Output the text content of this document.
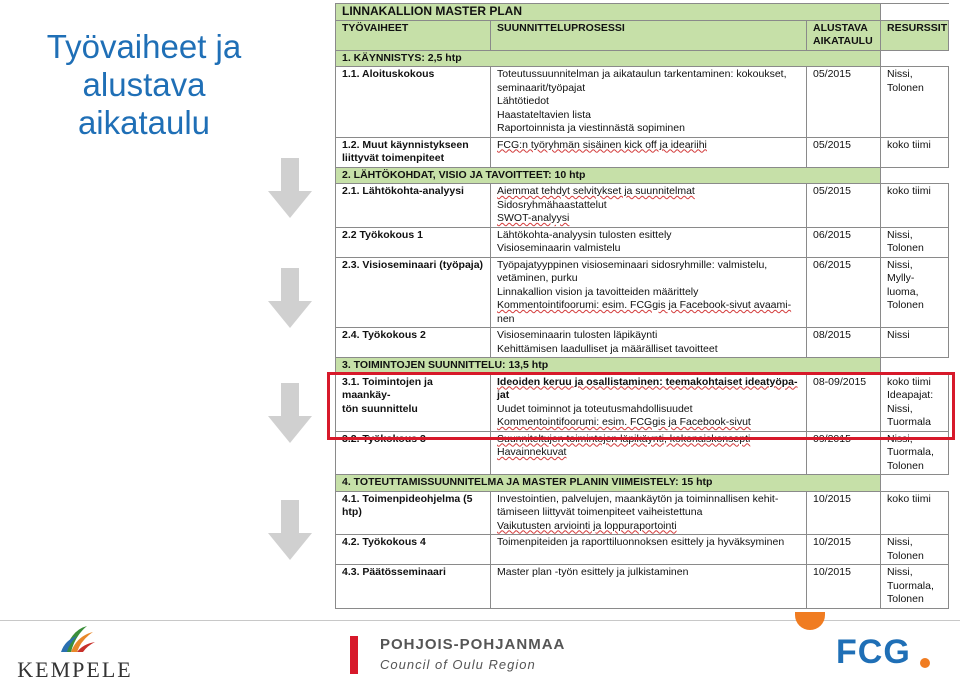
Työvaiheet ja
alustava
aikataulu
LINNAKALLION MASTER PLAN			
TYÖVAIHEET	SUUNNITTELUPROSESSI	ALUSTAVA
AIKATAULU	RESURSSIT
1. KÄYNNISTYS: 2,5 htp			

1.1. Aloituskokous	Toteutussuunnitelman ja aikataulun tarkentaminen: kokoukset,
seminaarit/työpajat
Lähtötiedot
Haastateltavien lista
Raportoinnista ja viestinnästä sopiminen	05/2015	Nissi,
Tolonen

1.2. Muut käynnistykseen
liittyvät toimenpiteet	FCG:n työryhmän sisäinen kick off ja ideariihi	05/2015	koko tiimi

2. LÄHTÖKOHDAT, VISIO JA TAVOITTEET: 10 htp			

2.1. Lähtökohta-analyysi	Aiemmat tehdyt selvitykset ja suunnitelmat
Sidosryhmähaastattelut
SWOT-analyysi	05/2015	koko tiimi

2.2 Työkokous 1	Lähtökohta-analyysin tulosten esittely
Visioseminaarin valmistelu	06/2015	Nissi,
Tolonen

2.3. Visioseminaari (työpaja)	Työpajatyyppinen visioseminaari sidosryhmille: valmistelu,
vetäminen, purku
Linnakallion vision ja tavoitteiden määrittely
Kommentointifoorumi: esim. FCGgis ja Facebook-sivut avaami-
nen	06/2015	Nissi,
Mylly-
luoma,
Tolonen

2.4. Työkokous 2	Visioseminaarin tulosten läpikäynti
Kehittämisen laadulliset ja määrälliset tavoitteet	08/2015	Nissi

3. TOIMINTOJEN SUUNNITTELU: 13,5 htp			

3.1. Toimintojen ja maankäy-
tön suunnittelu	Ideoiden keruu ja osallistaminen: teemakohtaiset ideatyöpa-
jat
Uudet toiminnot ja toteutusmahdollisuudet
Kommentointifoorumi: esim. FCGgis ja Facebook-sivut	08-09/2015	koko tiimi
Ideapajat:
Nissi,
Tuormala

3.2. Työkokous 3	Suunniteltujen toimintojen läpikäynti, kokonaiskonsepti
Havainnekuvat	09/2015	Nissi,
Tuormala,
Tolonen

4. TOTEUTTAMISSUUNNITELMA JA MASTER PLANIN VIIMEISTELY: 15 htp			

4.1. Toimenpideohjelma (5
htp)	Investointien, palvelujen, maankäytön ja toiminnallisen kehit-
tämiseen liittyvät toimenpiteet vaiheistettuna
Vaikutusten arviointi ja loppuraportointi	10/2015	koko tiimi

4.2. Työkokous 4	Toimenpiteiden ja raporttiluonnoksen esittely ja hyväksyminen	10/2015	Nissi,
Tolonen

4.3. Päätösseminaari	Master plan -työn esittely ja julkistaminen	10/2015	Nissi,
Tuormala,
Tolonen
KEMPELE
POHJOIS-POHJANMAA
Council of Oulu Region	FCG
